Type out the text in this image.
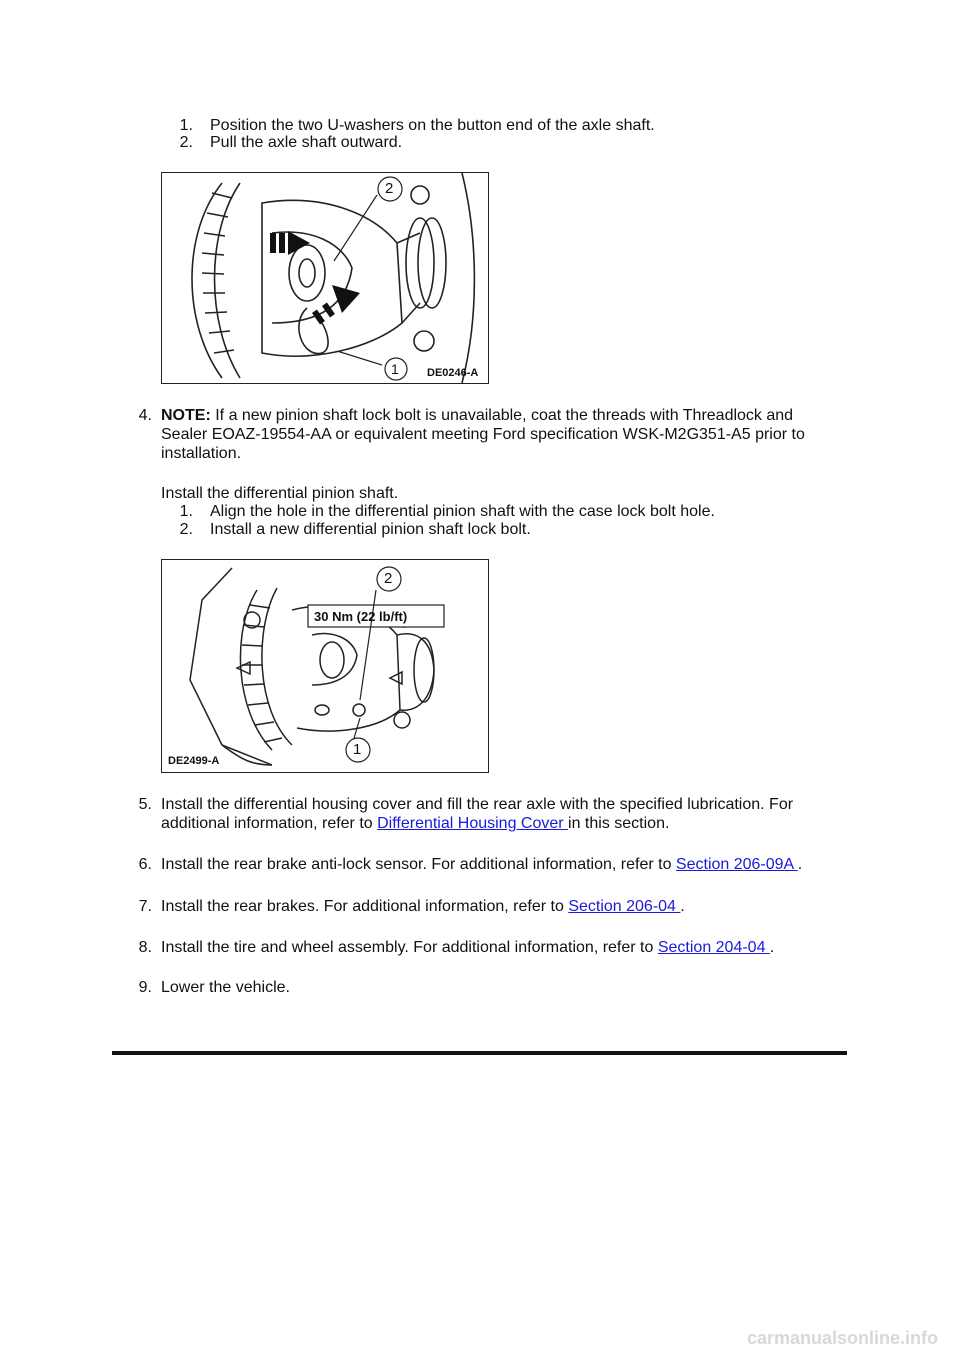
1. Position the two U-washers on the button end of the axle shaft.
2. Pull the axle shaft outward.
2
1	DE0246-A
4. NOTE: If a new pinion shaft lock bolt is unavailable, coat the threads with Threadlock and
Sealer EOAZ-19554-AA or equivalent meeting Ford specification WSK-M2G351-A5 prior to
installation.
Install the differential pinion shaft.
1. Align the hole in the differential pinion shaft with the case lock bolt hole.
2. Install a new differential pinion shaft lock bolt.
30 Nm (22 lb/ft)
2
1
DE2499-A
5. Install the differential housing cover and fill the rear axle with the specified lubrication. For
additional information, refer to Differential Housing Cover in this section.
6. Install the rear brake anti-lock sensor. For additional information, refer to Section 206-09A .
7. Install the rear brakes. For additional information, refer to Section 206-04 .
8. Install the tire and wheel assembly. For additional information, refer to Section 204-04 .
9. Lower the vehicle.
carmanualsonline.info
